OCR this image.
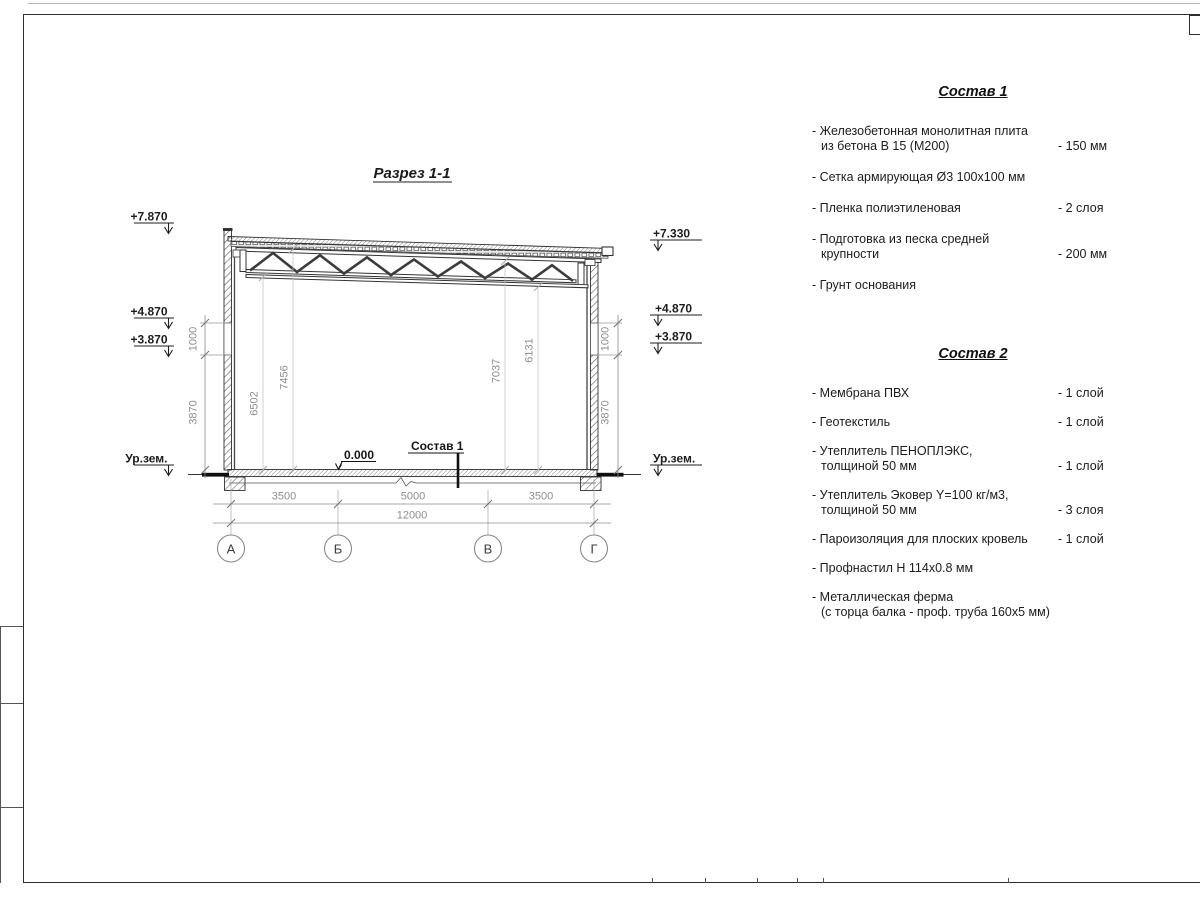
Разрез 1-1
+7.870
+4.870
+3.870
Ур.зем.
+7.330
+4.870
+3.870
Ур.зем.
0.000
Состав 1
1000
3870
1000
3870
6502
7456	7037
6131
3500	5000	3500
12000
А	Б	В	Г
Состав 1
- Железобетонная монолитная плита
из бетона В 15 (М200)	- 150 мм
- Сетка армирующая Ø3 100х100 мм
- Пленка полиэтиленовая	- 2 слоя
- Подготовка из песка средней
крупности	- 200 мм
- Грунт основания
Состав 2
- Мембрана ПВХ	- 1 слой
- Геотекстиль	- 1 слой
- Утеплитель ПЕНОПЛЭКС,
толщиной 50 мм	- 1 слой
- Утеплитель Эковер Y=100 кг/м3,
толщиной 50 мм	- 3 слоя
- Пароизоляция для плоских кровель	- 1 слой
- Профнастил Н 114х0.8 мм
- Металлическая ферма
(с торца балка - проф. труба 160х5 мм)
